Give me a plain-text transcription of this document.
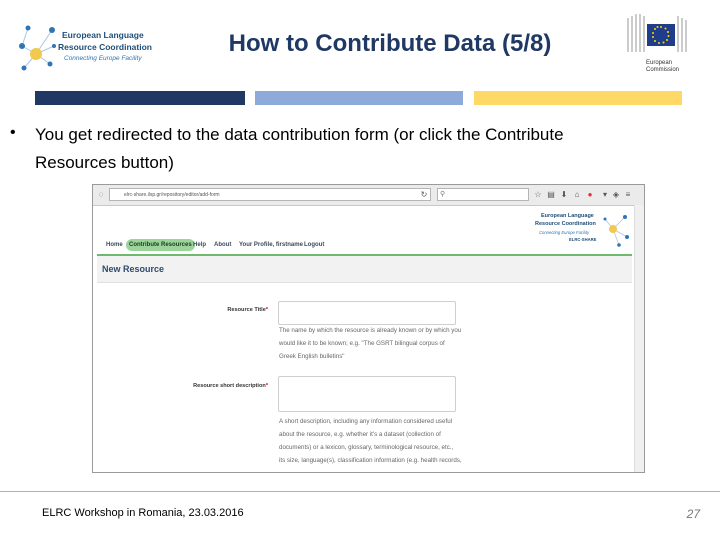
European Language
Resource Coordination
Connecting Europe Facility
How to Contribute Data (5/8)
European
Commission
• You get redirected to the data contribution form (or click the Contribute
Resources button)
◌	elrc-share.ilsp.gr/repository/editor/add-form	↻ ⚲	☆ ▤ ⬇ ⌂	●	▾ ◈ ≡
European Language
Resource Coordination
Connecting Europe Facility
ELRC-SHARE
Home	Contribute Resources Help About Your Profile, firstname Logout
New Resource
Resource Title*
The name by which the resource is already known or by which you
would like it to be known; e.g. "The GSRT bilingual corpus of
Greek English bulletins"
Resource short description*
A short description, including any information considered useful
about the resource, e.g. whether it's a dataset (collection of
documents) or a lexicon, glossary, terminological resource, etc.,
its size, language(s), classification information (e.g. health records,
ELRC Workshop in Romania, 23.03.2016	27
